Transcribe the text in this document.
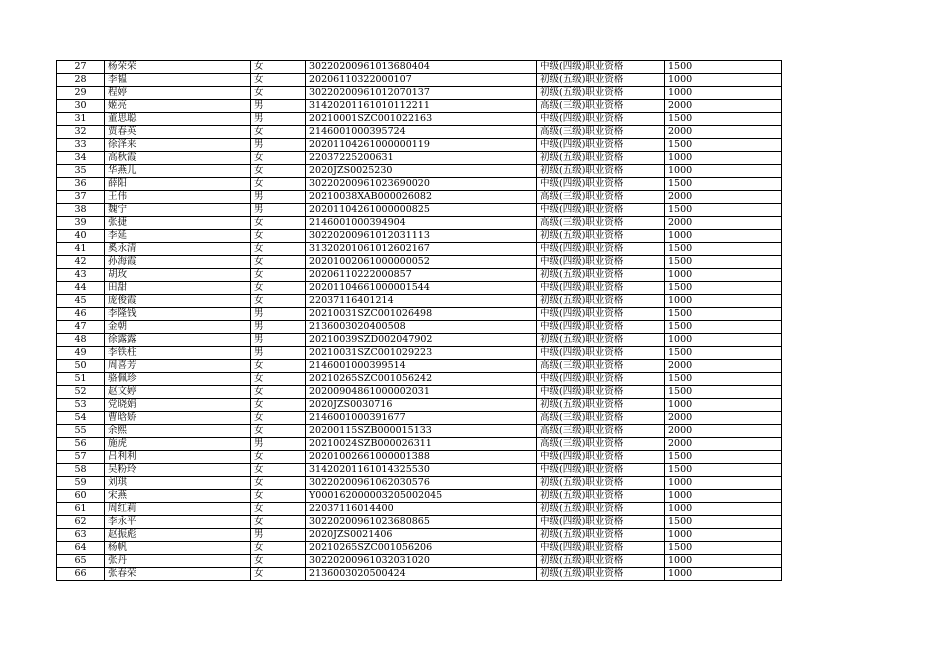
27	杨荣荣	女	30220200961013680404	中级(四级)职业资格	1500
28	李韫	女	20206110322000107	初级(五级)职业资格	1000
29	程婷	女	30220200961012070137	初级(五级)职业资格	1000
30	姬亮	男	31420201161010112211	高级(三级)职业资格	2000
31	董思聪	男	20210001SZC001022163	中级(四级)职业资格	1500
32	贾春英	女	2146001000395724	高级(三级)职业资格	2000
33	徐泽来	男	20201104261000000119	中级(四级)职业资格	1500
34	高秋霞	女	22037225200631	初级(五级)职业资格	1000
35	华燕儿	女	2020JZS0025230	初级(五级)职业资格	1000
36	薛阳	女	30220200961023690020	中级(四级)职业资格	1500
37	王伟	男	20210038XAB000026082	高级(三级)职业资格	2000
38	魏宁	男	20201104261000000825	中级(四级)职业资格	1500
39	张捷	女	2146001000394904	高级(三级)职业资格	2000
40	李延	女	30220200961012031113	初级(五级)职业资格	1000
41	奚永清	女	31320201061012602167	中级(四级)职业资格	1500
42	孙海霞	女	20201002061000000052	中级(四级)职业资格	1500
43	胡玫	女	20206110222000857	初级(五级)职业资格	1000
44	田甜	女	20201104661000001544	中级(四级)职业资格	1500
45	庞俊霞	女	22037116401214	初级(五级)职业资格	1000
46	李隆钱	男	20210031SZC001026498	中级(四级)职业资格	1500
47	金朝	男	2136003020400508	中级(四级)职业资格	1500
48	徐露露	男	20210039SZD002047902	初级(五级)职业资格	1000
49	李铁柱	男	20210031SZC001029223	中级(四级)职业资格	1500
50	周喜芳	女	2146001000399514	高级(三级)职业资格	2000
51	骆佩珍	女	20210265SZC001056242	中级(四级)职业资格	1500
52	赵文婷	女	20200904861000002031	中级(四级)职业资格	1500
53	党晓娟	女	2020JZS0030716	初级(五级)职业资格	1000
54	曹晗娇	女	2146001000391677	高级(三级)职业资格	2000
55	余熙	女	20200115SZB000015133	高级(三级)职业资格	2000
56	施虎	男	20210024SZB000026311	高级(三级)职业资格	2000
57	吕利利	女	20201002661000001388	中级(四级)职业资格	1500
58	吴粉玲	女	31420201161014325530	中级(四级)职业资格	1500
59	刘琪	女	30220200961062030576	初级(五级)职业资格	1000
60	宋燕	女	Y000162000003205002045	初级(五级)职业资格	1000
61	周红莉	女	22037116014400	初级(五级)职业资格	1000
62	李永平	女	30220200961023680865	中级(四级)职业资格	1500
63	赵振彪	男	2020JZS0021406	初级(五级)职业资格	1000
64	杨帆	女	20210265SZC001056206	中级(四级)职业资格	1500
65	张丹	女	30220200961032031020	初级(五级)职业资格	1000
66	张春荣	女	2136003020500424	初级(五级)职业资格	1000
